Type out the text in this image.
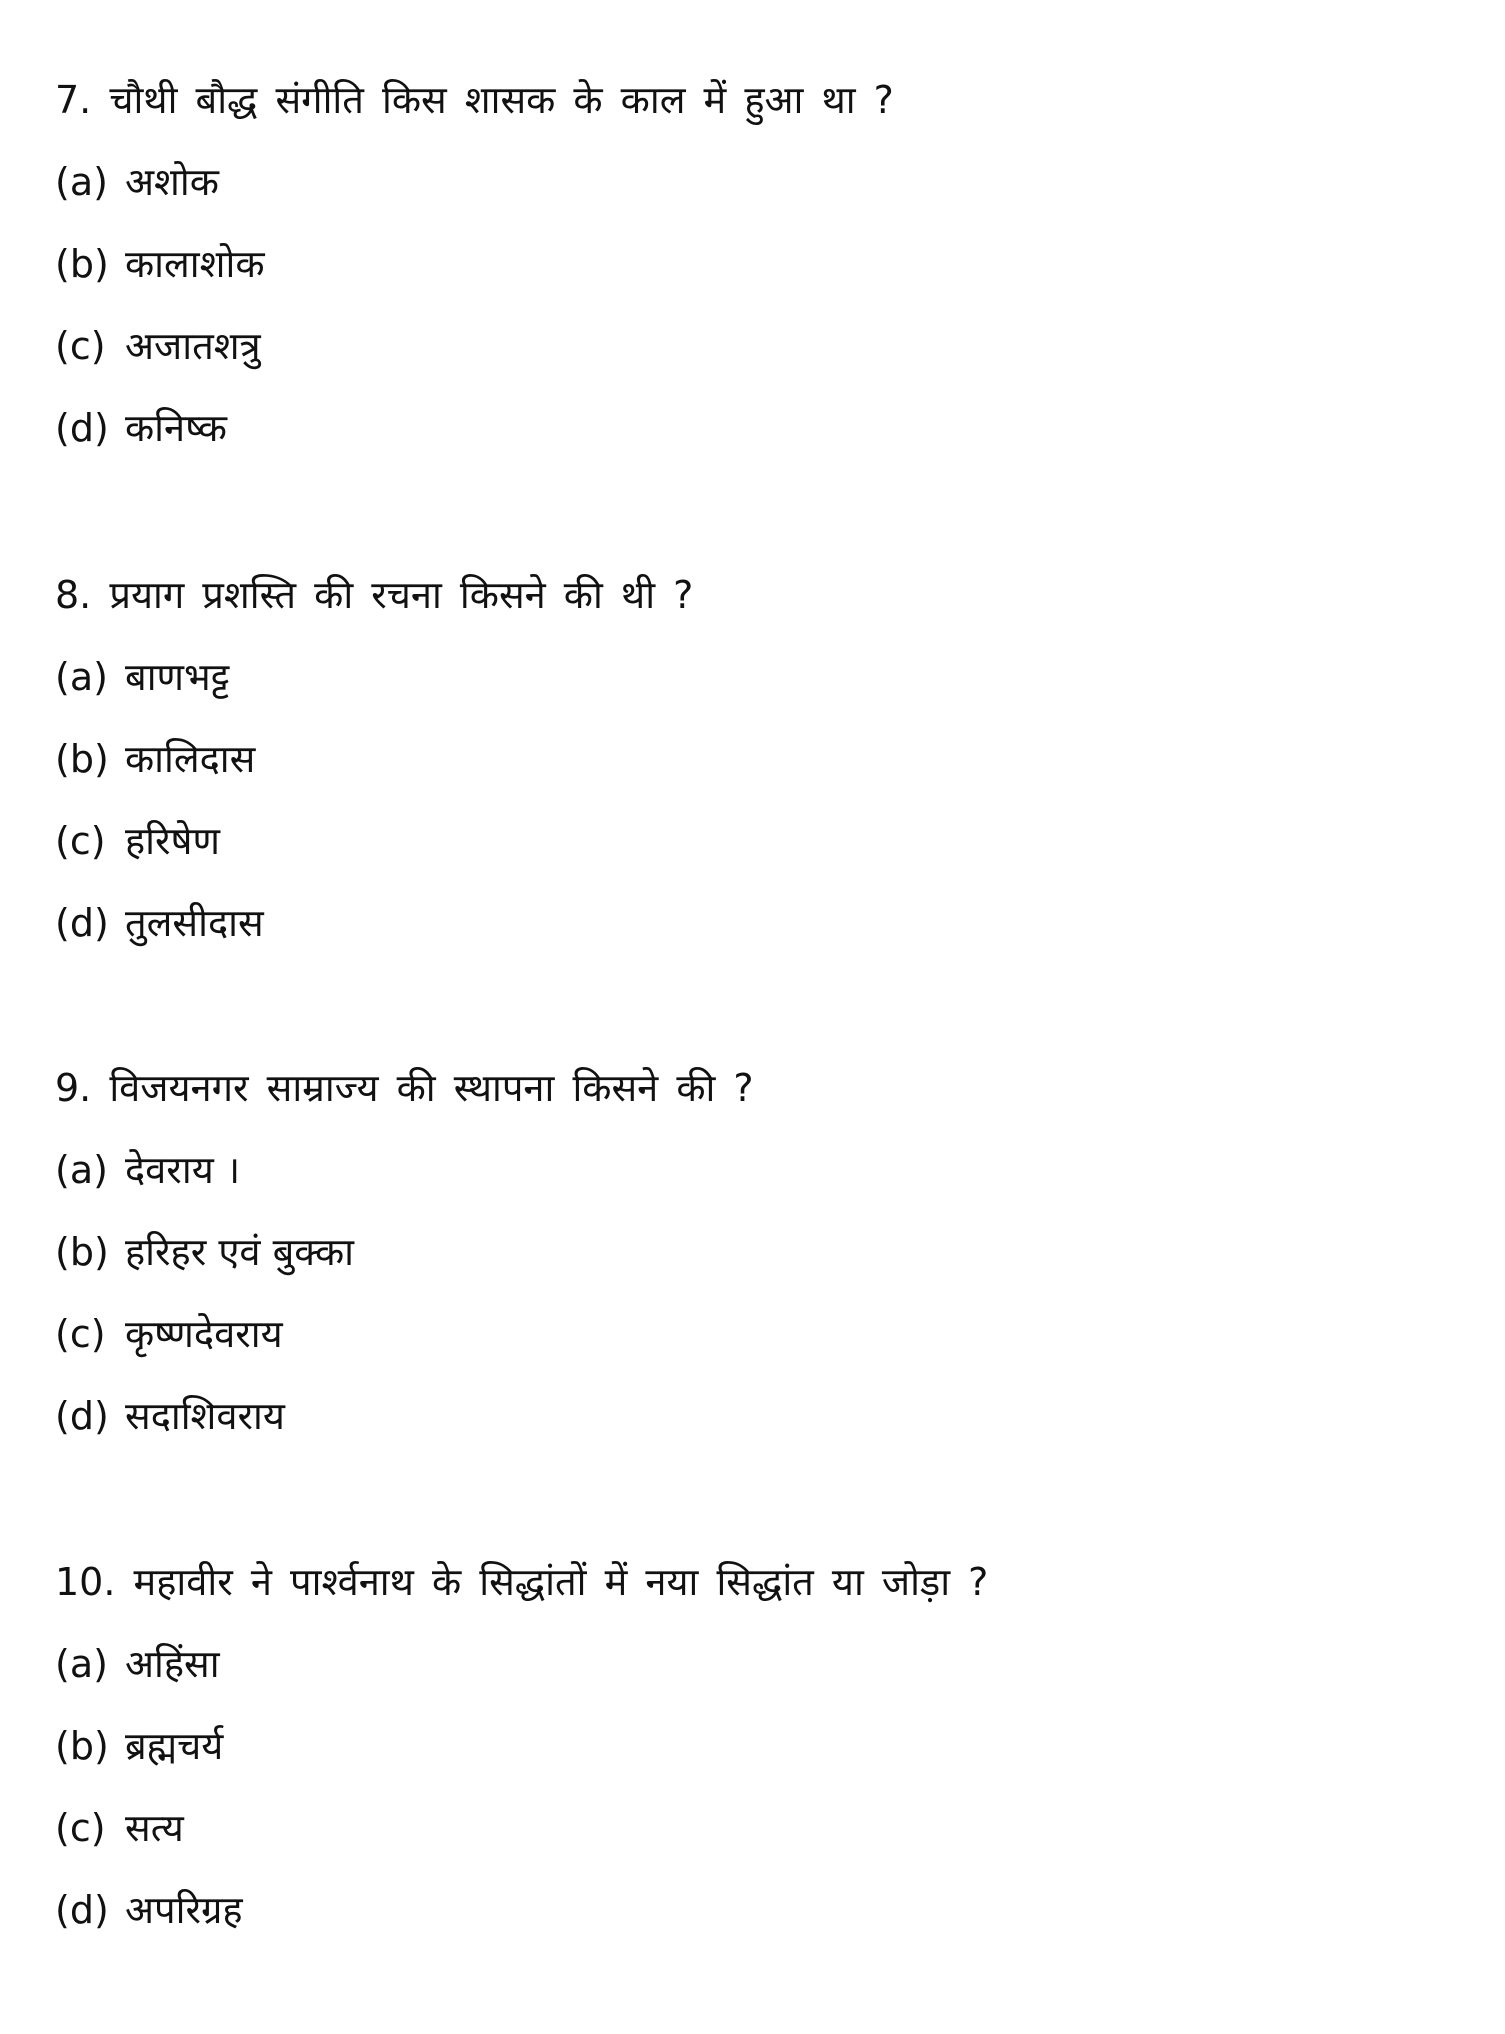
7. चौथी बौद्ध संगीति किस शासक के काल में हुआ था ?
(a) अशोक
(b) कालाशोक
(c) अजातशत्रु
(d) कनिष्क
8. प्रयाग प्रशस्ति की रचना किसने की थी ?
(a) बाणभट्ट
(b) कालिदास
(c) हरिषेण
(d) तुलसीदास
9. विजयनगर साम्राज्य की स्थापना किसने की ?
(a) देवराय ।
(b) हरिहर एवं बुक्का
(c) कृष्णदेवराय
(d) सदाशिवराय
10. महावीर ने पार्श्वनाथ के सिद्धांतों में नया सिद्धांत या जोड़ा ?
(a) अहिंसा
(b) ब्रह्मचर्य
(c) सत्य
(d) अपरिग्रह
